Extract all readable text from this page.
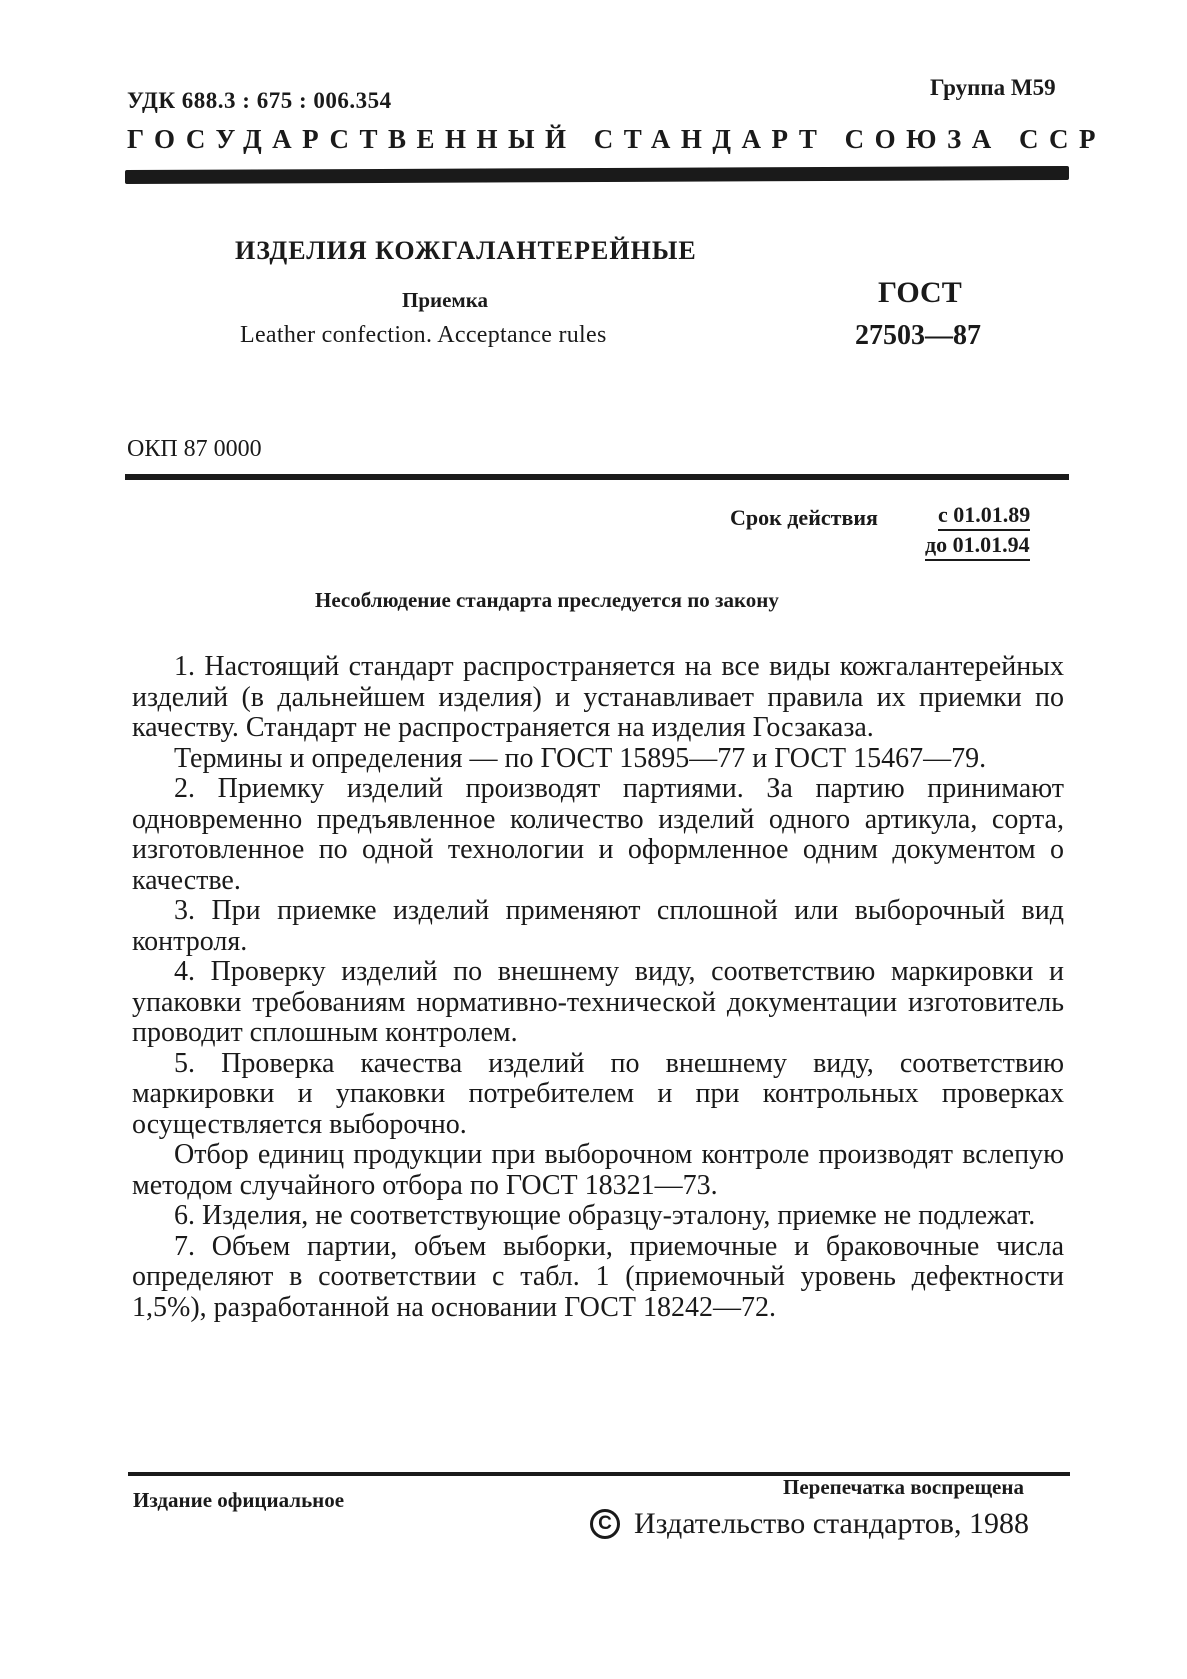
УДК 688.3 : 675 : 006.354
Группа М59
ГОСУДАРСТВЕННЫЙ СТАНДАРТ СОЮЗА ССР
ИЗДЕЛИЯ КОЖГАЛАНТЕРЕЙНЫЕ
Приемка
Leather confection. Acceptance rules
ГОСТ
27503—87
ОКП 87 0000
Срок действия	с 01.01.89
до 01.01.94
Несоблюдение стандарта преследуется по закону

1. Настоящий стандарт распространяется на все виды кожгалантерейных изделий (в дальнейшем изделия) и устанавливает правила их приемки по качеству. Стандарт не распространяется на изделия Госзаказа.

Термины и определения — по ГОСТ 15895—77 и ГОСТ 15467—79.

2. Приемку изделий производят партиями. За партию принимают одновременно предъявленное количество изделий одного артикула, сорта, изготовленное по одной технологии и оформленное одним документом о качестве.

3. При приемке изделий применяют сплошной или выборочный вид контроля.

4. Проверку изделий по внешнему виду, соответствию маркировки и упаковки требованиям нормативно-технической документации изготовитель проводит сплошным контролем.

5. Проверка качества изделий по внешнему виду, соответствию маркировки и упаковки потребителем и при контрольных проверках осуществляется выборочно.

Отбор единиц продукции при выборочном контроле производят вслепую методом случайного отбора по ГОСТ 18321—73.

6. Изделия, не соответствующие образцу-эталону, приемке не подлежат.

7. Объем партии, объем выборки, приемочные и браковочные числа определяют в соответствии с табл. 1 (приемочный уровень дефектности 1,5%), разработанной на основании ГОСТ 18242—72.

Издание официальное
Перепечатка воспрещена
С Издательство стандартов, 1988
